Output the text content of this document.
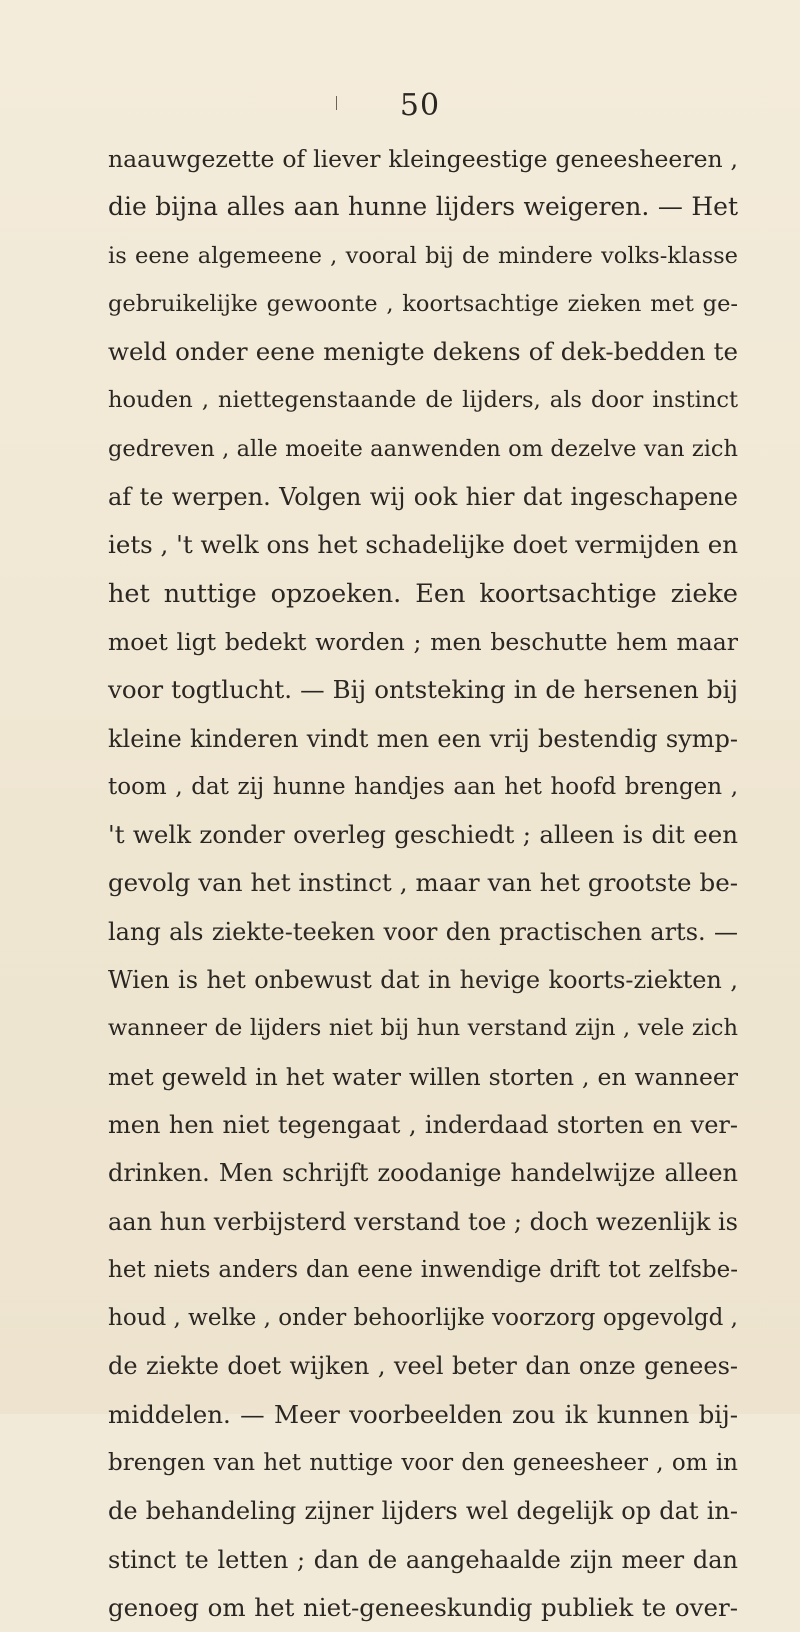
50
naauwgezette of liever kleingeestige geneesheeren ,
die bijna alles aan hunne lijders weigeren. — Het
is eene algemeene , vooral bij de mindere volks-klasse
gebruikelijke gewoonte , koortsachtige zieken met ge-
weld onder eene menigte dekens of dek-bedden te
houden , niettegenstaande de lijders, als door instinct
gedreven , alle moeite aanwenden om dezelve van zich
af te werpen. Volgen wij ook hier dat ingeschapene
iets , 't welk ons het schadelijke doet vermijden en
het nuttige opzoeken. Een koortsachtige zieke
moet ligt bedekt worden ; men beschutte hem maar
voor togtlucht. — Bij ontsteking in de hersenen bij
kleine kinderen vindt men een vrij bestendig symp-
toom , dat zij hunne handjes aan het hoofd brengen ,
't welk zonder overleg geschiedt ; alleen is dit een
gevolg van het instinct , maar van het grootste be-
lang als ziekte-teeken voor den practischen arts. —
Wien is het onbewust dat in hevige koorts-ziekten ,
wanneer de lijders niet bij hun verstand zijn , vele zich
met geweld in het water willen storten , en wanneer
men hen niet tegengaat , inderdaad storten en ver-
drinken. Men schrijft zoodanige handelwijze alleen
aan hun verbijsterd verstand toe ; doch wezenlijk is
het niets anders dan eene inwendige drift tot zelfsbe-
houd , welke , onder behoorlijke voorzorg opgevolgd ,
de ziekte doet wijken , veel beter dan onze genees-
middelen. — Meer voorbeelden zou ik kunnen bij-
brengen van het nuttige voor den geneesheer , om in
de behandeling zijner lijders wel degelijk op dat in-
stinct te letten ; dan de aangehaalde zijn meer dan
genoeg om het niet-geneeskundig publiek te over-
